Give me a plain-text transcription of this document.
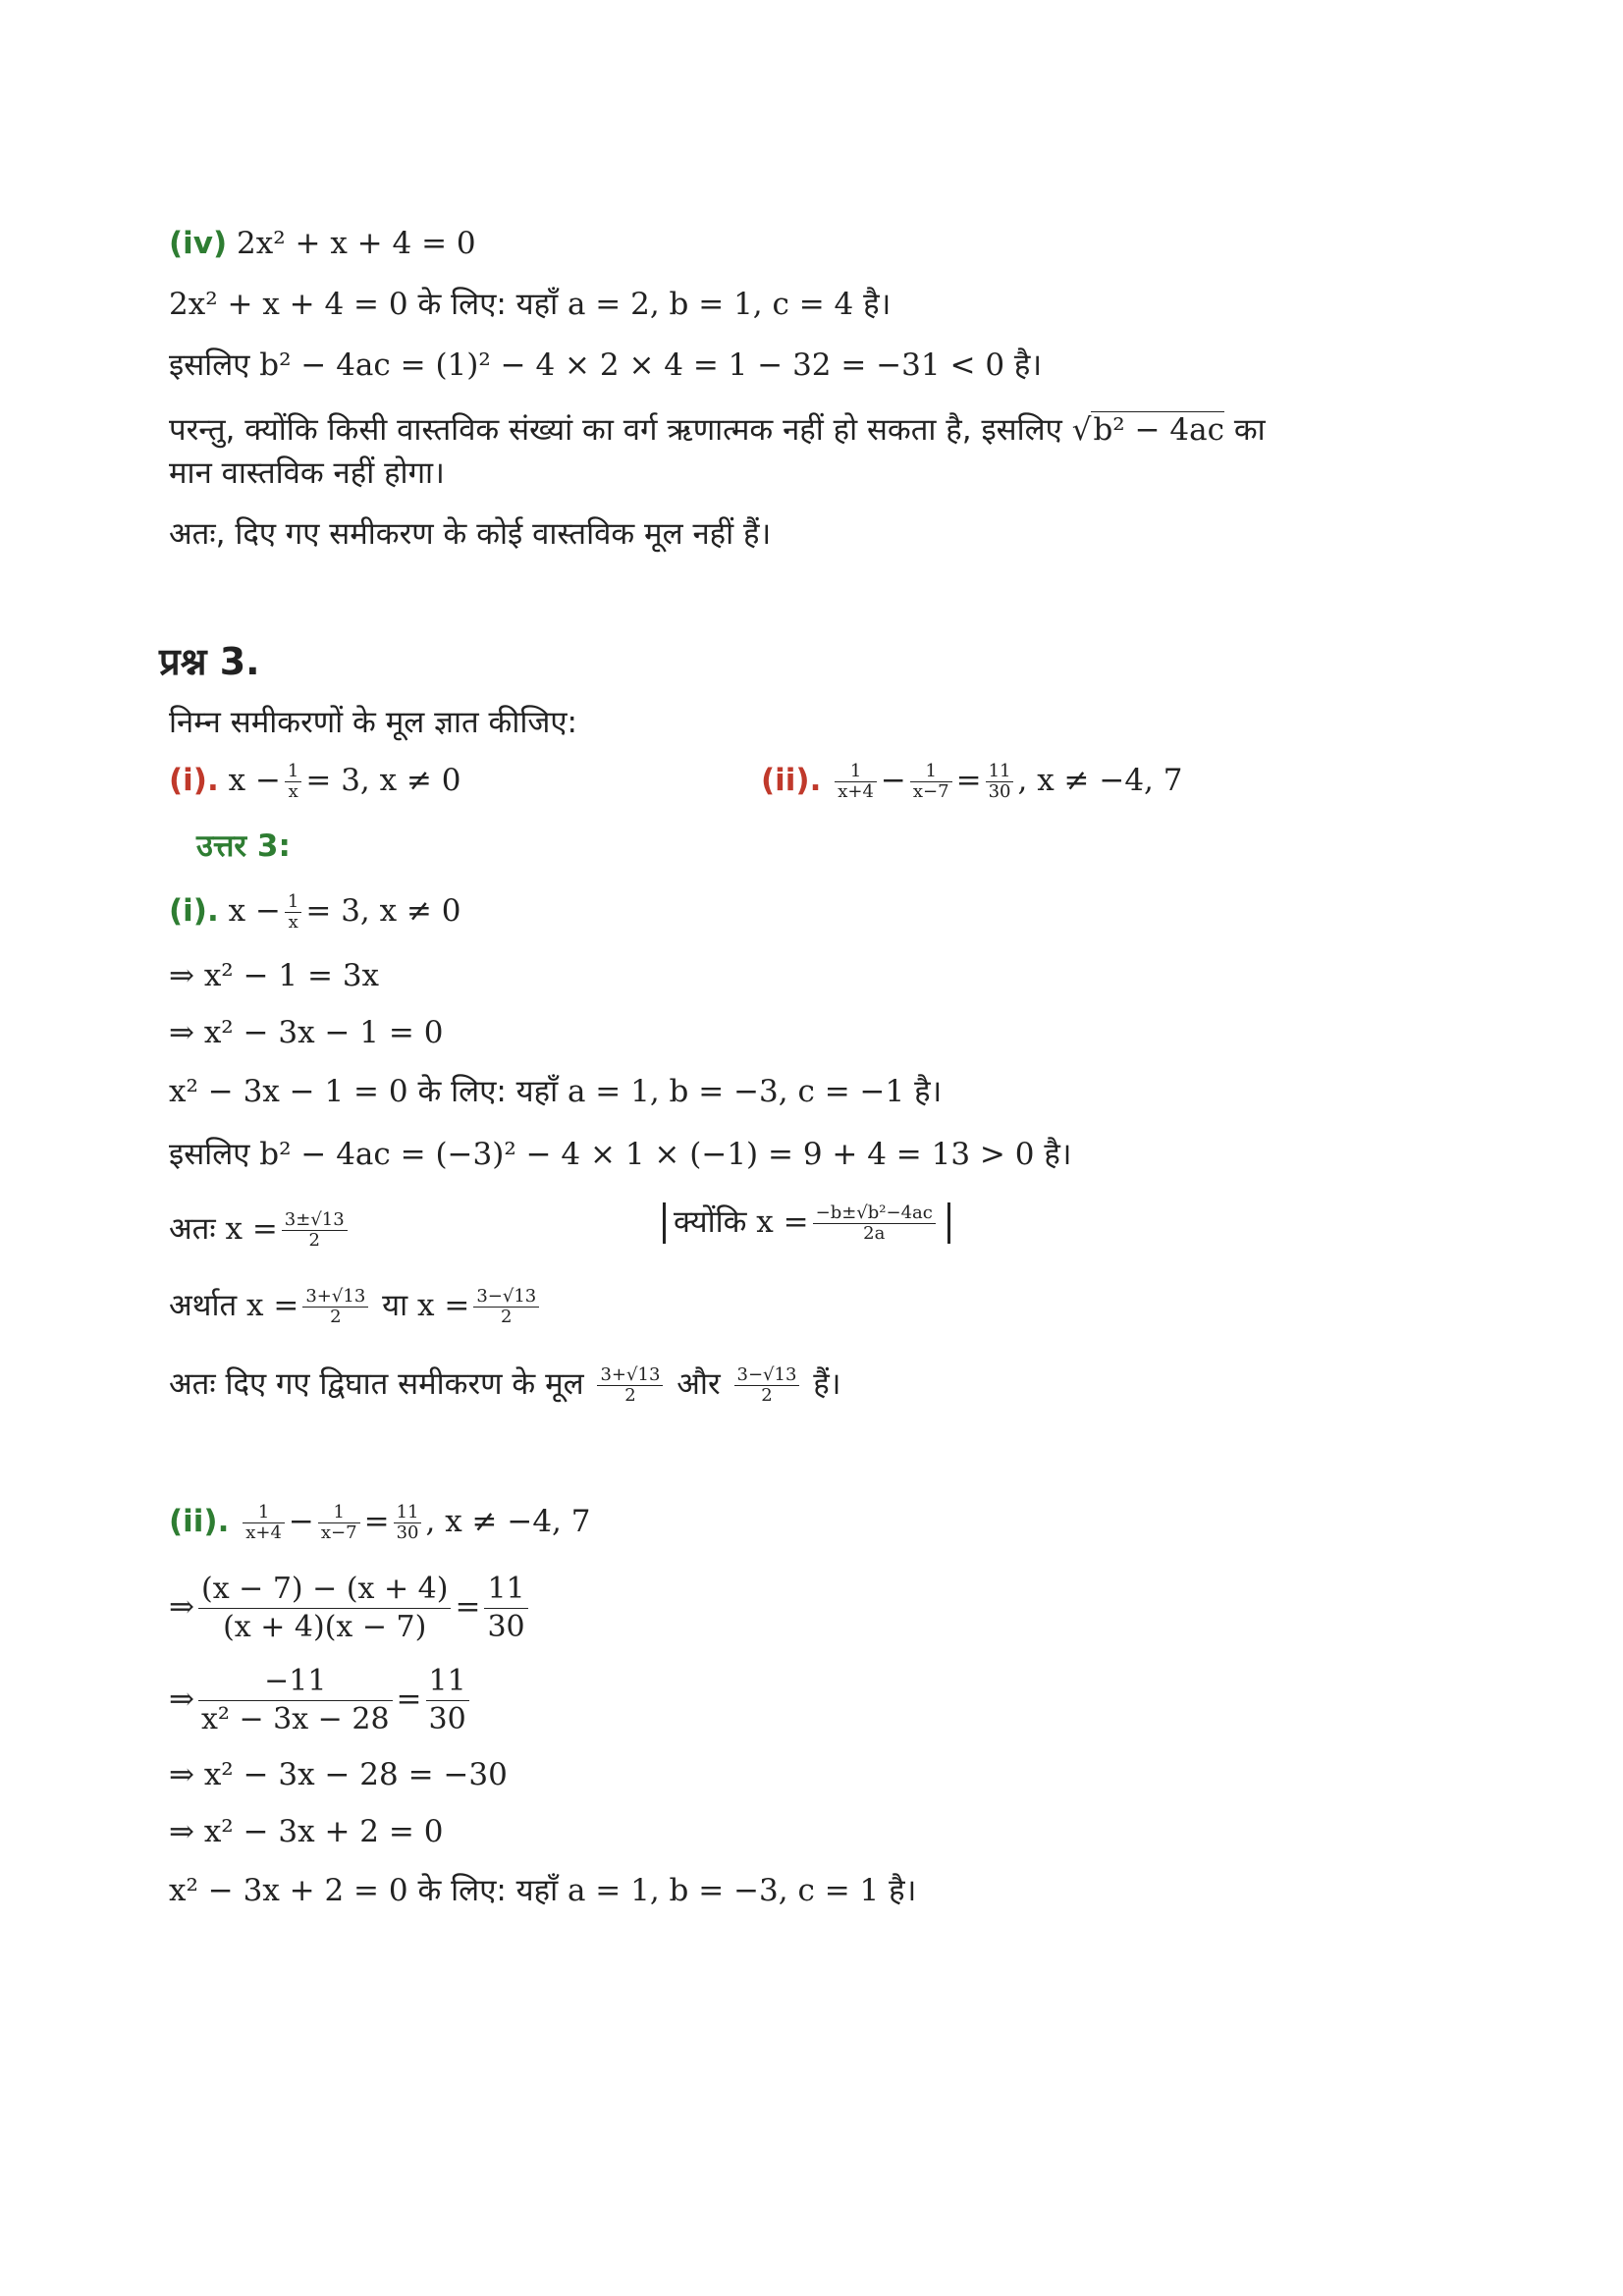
(iv) 2x² + x + 4 = 0
2x² + x + 4 = 0 के लिए: यहाँ a = 2, b = 1, c = 4 है।
इसलिए b² − 4ac = (1)² − 4 × 2 × 4 = 1 − 32 = −31 < 0 है।
परन्तु, क्योंकि किसी वास्तविक संख्यां का वर्ग ऋणात्मक नहीं हो सकता है, इसलिए √b² − 4ac का
मान वास्तविक नहीं होगा।
अतः, दिए गए समीकरण के कोई वास्तविक मूल नहीं हैं।
प्रश्न 3.
निम्न समीकरणों के मूल ज्ञात कीजिए:
(i). $x - \frac{1}{x} = 3$, x ≠ 0	(ii). $\frac{1}{x+4} - \frac{1}{x-7} = \frac{11}{30}$ , x ≠ −4, 7
उत्तर 3:
(i). $x - \frac{1}{x} = 3$, x ≠ 0
⇒ x² − 1 = 3x
⇒ x² − 3x − 1 = 0
x² − 3x − 1 = 0 के लिए: यहाँ a = 1, b = −3, c = −1 है।
इसलिए b² − 4ac = (−3)² − 4 × 1 × (−1) = 9 + 4 = 13 > 0 है।
अतः $x = \frac{3\pm√13}{2}$	क्योंकि $x = \frac{\text{−b±√b²−4ac}}{2a}$
अर्थात $x = \frac{3+√13}{2}$ या $x = \frac{3-√13}{2}$
अतः दिए गए द्विघात समीकरण के मूल $\frac{3+√13}{2}$ और $\frac{3-√13}{2}$ हैं।
(ii). $\frac{1}{x+4} - \frac{1}{x-7} = \frac{11}{30}$ , x ≠ −4, 7
⇒ $\frac{(x - 7) - (x + 4)}{(x + 4)(x - 7)} = \frac{11}{30}$
⇒ $\frac{-11}{\text{x² − 3x − 28}} = \frac{11}{30}$
⇒ x² − 3x − 28 = −30
⇒ x² − 3x + 2 = 0
x² − 3x + 2 = 0 के लिए: यहाँ a = 1, b = −3, c = 1 है।
